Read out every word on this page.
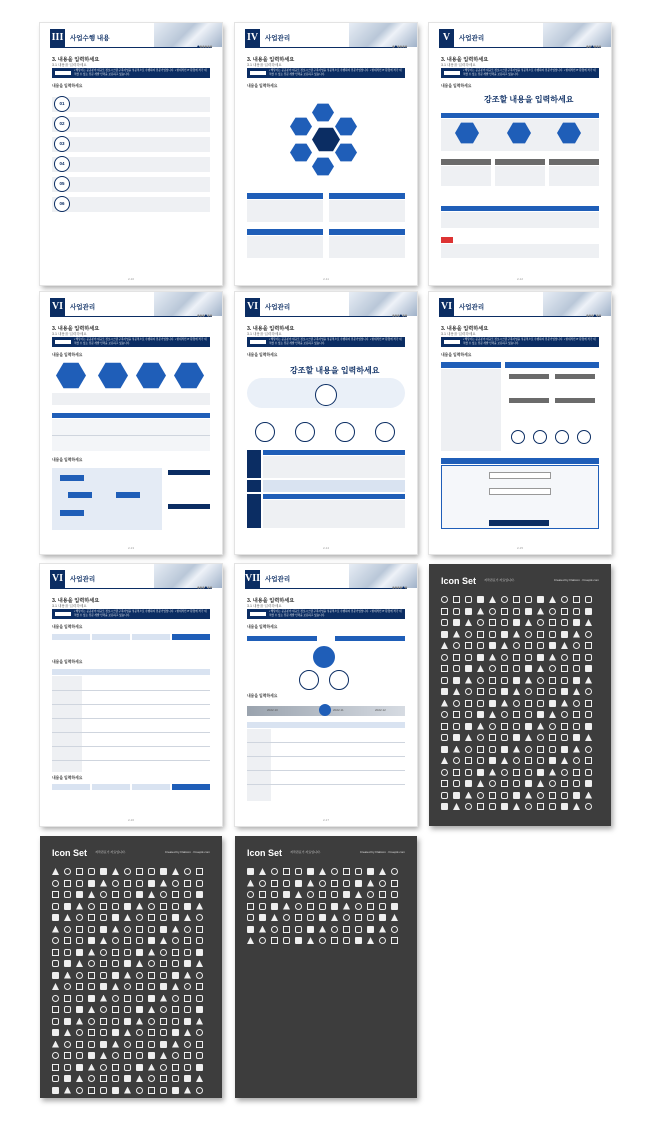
III 사업수행 내용
●●●●●●
3. 내용을 입력하세요
3.1 내용을 입력하세요
• 해당사는 공공분야 대규모 정보시스템 구축사업을 성공적으로 수행하여 전문기업입니다. • 현대적인 IT 환경에 적극 대처할 수 있는 전문 개발 인력을 보유하고 있습니다.
내용을 입력하세요
01
02
03
04
05
06
2-10
IV 사업관리
●●●●●●
3. 내용을 입력하세요
3.1 내용을 입력하세요
• 해당사는 공공분야 대규모 정보시스템 구축사업을 성공적으로 수행하여 전문기업입니다. • 현대적인 IT 환경에 적극 대처할 수 있는 전문 개발 인력을 보유하고 있습니다.
내용을 입력하세요
2-11
V	사업관리
●●●●●●
3. 내용을 입력하세요
3.1 내용을 입력하세요
• 해당사는 공공분야 대규모 정보시스템 구축사업을 성공적으로 수행하여 전문기업입니다. • 현대적인 IT 환경에 적극 대처할 수 있는 전문 개발 인력을 보유하고 있습니다.
내용을 입력하세요
강조할 내용을 입력하세요
2-12
VI 사업관리
●●●●●●
3. 내용을 입력하세요
3.1 내용을 입력하세요
• 해당사는 공공분야 대규모 정보시스템 구축사업을 성공적으로 수행하여 전문기업입니다. • 현대적인 IT 환경에 적극 대처할 수 있는 전문 개발 인력을 보유하고 있습니다.
내용을 입력하세요
내용을 입력하세요
2-13
VI 사업관리
●●●●●●
3. 내용을 입력하세요
3.1 내용을 입력하세요
• 해당사는 공공분야 대규모 정보시스템 구축사업을 성공적으로 수행하여 전문기업입니다. • 현대적인 IT 환경에 적극 대처할 수 있는 전문 개발 인력을 보유하고 있습니다.
내용을 입력하세요
강조할 내용을 입력하세요
2-14
VI 사업관리
●●●●●●
3. 내용을 입력하세요
3.1 내용을 입력하세요
• 해당사는 공공분야 대규모 정보시스템 구축사업을 성공적으로 수행하여 전문기업입니다. • 현대적인 IT 환경에 적극 대처할 수 있는 전문 개발 인력을 보유하고 있습니다.
내용을 입력하세요
2-15
VI 사업관리
●●●●●●
3. 내용을 입력하세요
3.1 내용을 입력하세요
• 해당사는 공공분야 대규모 정보시스템 구축사업을 성공적으로 수행하여 전문기업입니다. • 현대적인 IT 환경에 적극 대처할 수 있는 전문 개발 인력을 보유하고 있습니다.
내용을 입력하세요
내용을 입력하세요
내용을 입력하세요
2-16
VII 사업관리
●●●●●●
3. 내용을 입력하세요
3.1 내용을 입력하세요
• 해당사는 공공분야 대규모 정보시스템 구축사업을 성공적으로 수행하여 전문기업입니다. • 현대적인 IT 환경에 적극 대처할 수 있는 전문 개발 인력을 보유하고 있습니다.
내용을 입력하세요
내용을 입력하세요
2022.10	2022.11	2022.12
2-17
Icon Set	저작권표기 자료입니다.	Created by Flaticon · Freepik.com
Icon Set	저작권표기 자료입니다.	Created by Flaticon · Freepik.com	Icon Set	저작권표기 자료입니다.	Created by Flaticon · Freepik.com
